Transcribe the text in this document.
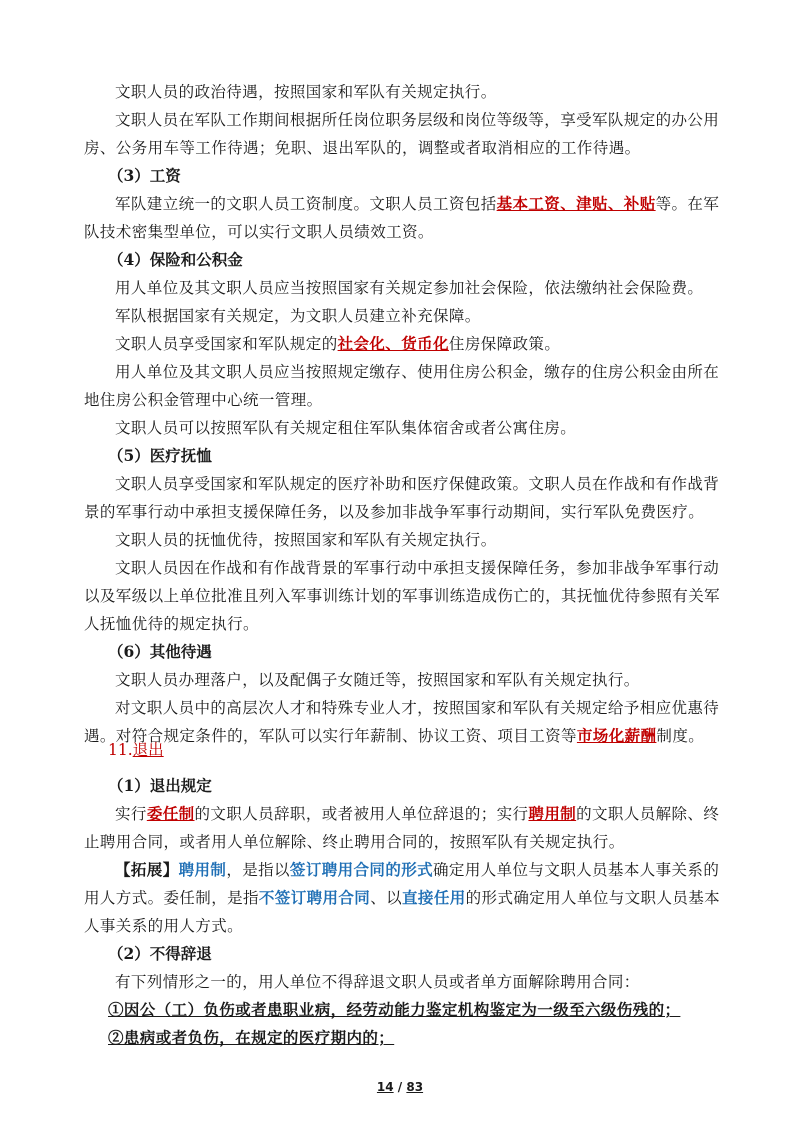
文职人员的政治待遇，按照国家和军队有关规定执行。

文职人员在军队工作期间根据所任岗位职务层级和岗位等级等，享受军队规定的办公用房、公务用车等工作待遇；免职、退出军队的，调整或者取消相应的工作待遇。

（3）工资

军队建立统一的文职人员工资制度。文职人员工资包括基本工资、津贴、补贴等。在军队技术密集型单位，可以实行文职人员绩效工资。

（4）保险和公积金

用人单位及其文职人员应当按照国家有关规定参加社会保险，依法缴纳社会保险费。

军队根据国家有关规定，为文职人员建立补充保障。

文职人员享受国家和军队规定的社会化、货币化住房保障政策。

用人单位及其文职人员应当按照规定缴存、使用住房公积金，缴存的住房公积金由所在地住房公积金管理中心统一管理。

文职人员可以按照军队有关规定租住军队集体宿舍或者公寓住房。

（5）医疗抚恤

文职人员享受国家和军队规定的医疗补助和医疗保健政策。文职人员在作战和有作战背景的军事行动中承担支援保障任务，以及参加非战争军事行动期间，实行军队免费医疗。

文职人员的抚恤优待，按照国家和军队有关规定执行。

文职人员因在作战和有作战背景的军事行动中承担支援保障任务，参加非战争军事行动以及军级以上单位批准且列入军事训练计划的军事训练造成伤亡的，其抚恤优待参照有关军人抚恤优待的规定执行。

（6）其他待遇

文职人员办理落户，以及配偶子女随迁等，按照国家和军队有关规定执行。

对文职人员中的高层次人才和特殊专业人才，按照国家和军队有关规定给予相应优惠待遇。对符合规定条件的，军队可以实行年薪制、协议工资、项目工资等市场化薪酬制度。

11.退出

（1）退出规定

实行委任制的文职人员辞职，或者被用人单位辞退的；实行聘用制的文职人员解除、终止聘用合同，或者用人单位解除、终止聘用合同的，按照军队有关规定执行。

【拓展】聘用制，是指以签订聘用合同的形式确定用人单位与文职人员基本人事关系的用人方式。委任制，是指不签订聘用合同、以直接任用的形式确定用人单位与文职人员基本人事关系的用人方式。

（2）不得辞退

有下列情形之一的，用人单位不得辞退文职人员或者单方面解除聘用合同：

①因公（工）负伤或者患职业病，经劳动能力鉴定机构鉴定为一级至六级伤残的；

②患病或者负伤，在规定的医疗期内的；

14 / 83
